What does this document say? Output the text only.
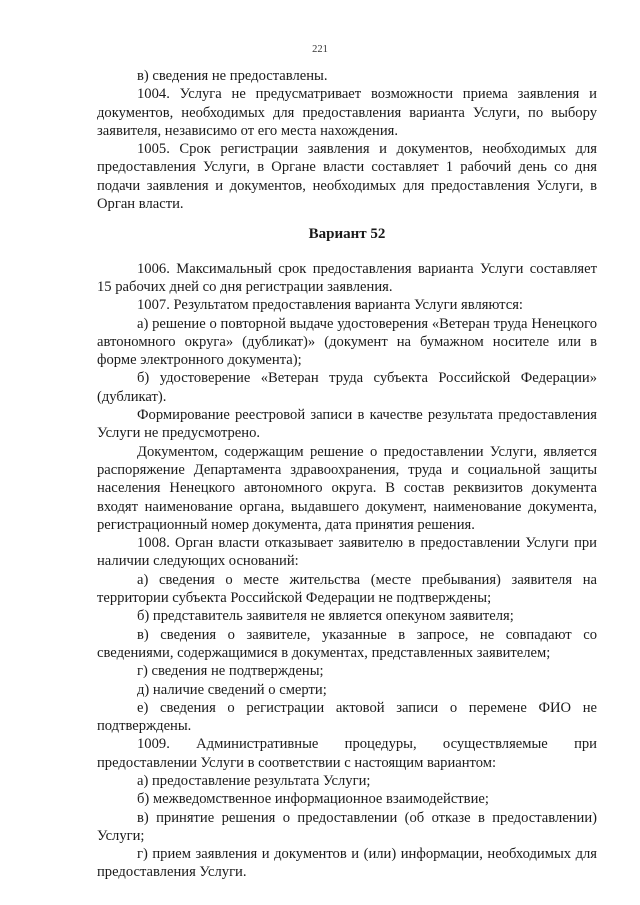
221

в) сведения не предоставлены.

1004. Услуга не предусматривает возможности приема заявления и документов, необходимых для предоставления варианта Услуги, по выбору заявителя, независимо от его места нахождения.

1005. Срок регистрации заявления и документов, необходимых для предоставления Услуги, в Органе власти составляет 1 рабочий день со дня подачи заявления и документов, необходимых для предоставления Услуги, в Орган власти.

Вариант 52

1006. Максимальный срок предоставления варианта Услуги составляет 15 рабочих дней со дня регистрации заявления.

1007. Результатом предоставления варианта Услуги являются:

а) решение о повторной выдаче удостоверения «Ветеран труда Ненецкого автономного округа» (дубликат)» (документ на бумажном носителе или в форме электронного документа);

б) удостоверение «Ветеран труда субъекта Российской Федерации» (дубликат).

Формирование реестровой записи в качестве результата предоставления Услуги не предусмотрено.

Документом, содержащим решение о предоставлении Услуги, является распоряжение Департамента здравоохранения, труда и социальной защиты населения Ненецкого автономного округа. В состав реквизитов документа входят наименование органа, выдавшего документ, наименование документа, регистрационный номер документа, дата принятия решения.

1008. Орган власти отказывает заявителю в предоставлении Услуги при наличии следующих оснований:

а) сведения о месте жительства (месте пребывания) заявителя на территории субъекта Российской Федерации не подтверждены;

б) представитель заявителя не является опекуном заявителя;

в) сведения о заявителе, указанные в запросе, не совпадают со сведениями, содержащимися в документах, представленных заявителем;

г) сведения не подтверждены;

д) наличие сведений о смерти;

е) сведения о регистрации актовой записи о перемене ФИО не подтверждены.

1009. Административные процедуры, осуществляемые при предоставлении Услуги в соответствии с настоящим вариантом:

а) предоставление результата Услуги;

б) межведомственное информационное взаимодействие;

в) принятие решения о предоставлении (об отказе в предоставлении) Услуги;

г) прием заявления и документов и (или) информации, необходимых для предоставления Услуги.
